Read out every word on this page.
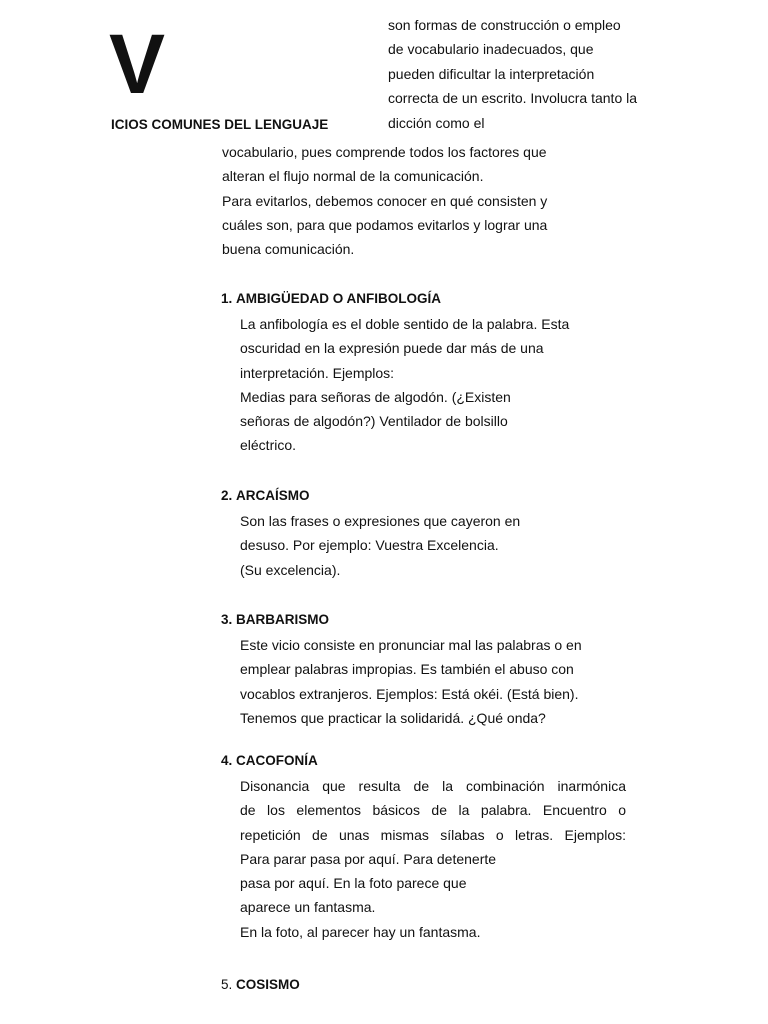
V
ICIOS COMUNES DEL LENGUAJE
son formas de construcción o empleo
de vocabulario inadecuados, que
pueden dificultar la interpretación
correcta de un escrito. Involucra tanto la
dicción como el
vocabulario, pues comprende todos los factores que
alteran el flujo normal de la comunicación.
Para evitarlos, debemos conocer en qué consisten y
cuáles son, para que podamos evitarlos y lograr una
buena comunicación.
1. AMBIGÜEDAD O ANFIBOLOGÍA
La anfibología es el doble sentido de la palabra. Esta
oscuridad en la expresión puede dar más de una
interpretación. Ejemplos:
Medias para señoras de algodón. (¿Existen
señoras de algodón?) Ventilador de bolsillo
eléctrico.
2. ARCAÍSMO
Son las frases o expresiones que cayeron en
desuso. Por ejemplo: Vuestra Excelencia.
(Su excelencia).
3. BARBARISMO
Este vicio consiste en pronunciar mal las palabras o en
emplear palabras impropias. Es también el abuso con
vocablos extranjeros. Ejemplos: Está okéi. (Está bien).
Tenemos que practicar la solidaridá. ¿Qué onda?
4. CACOFONÍA
Disonancia que resulta de la combinación inarmónica
de los elementos básicos de la palabra. Encuentro o
repetición de unas mismas sílabas o letras. Ejemplos:
Para parar pasa por aquí. Para detenerte
pasa por aquí. En la foto parece que
aparece un fantasma.
En la foto, al parecer hay un fantasma.
5. COSISMO
